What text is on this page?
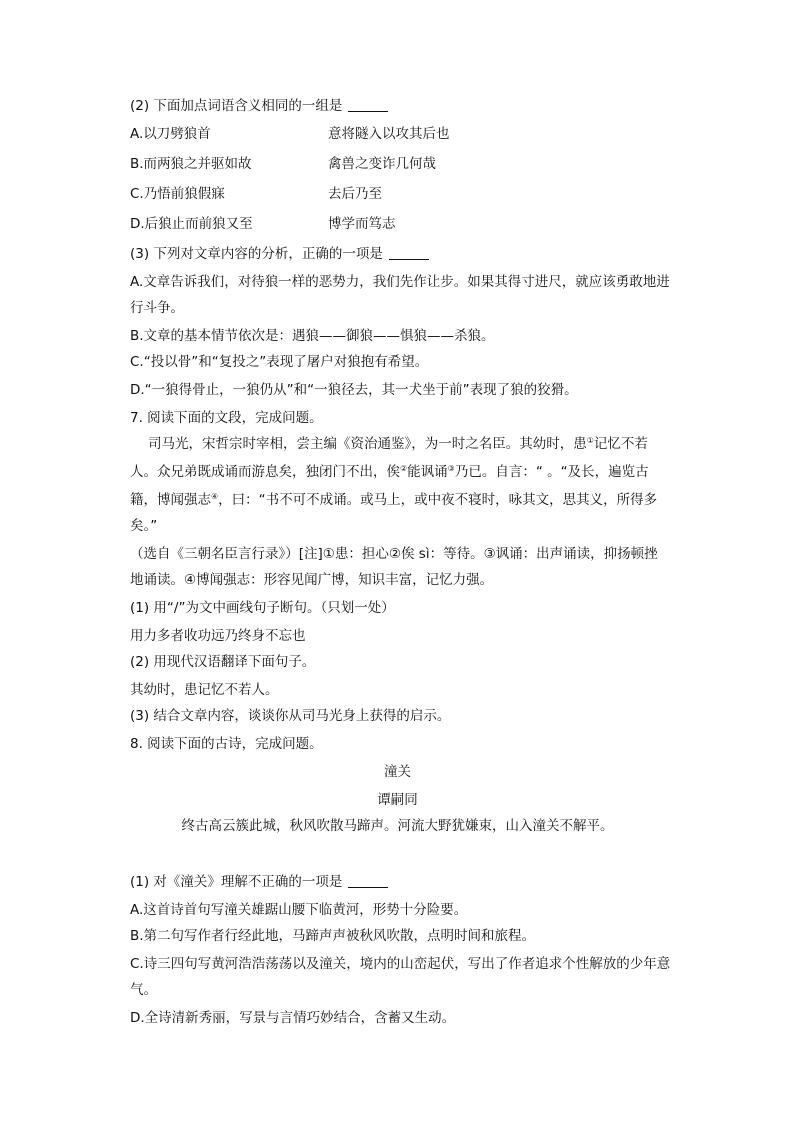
(2) 下面加点词语含义相同的一组是
A.以刀劈狼首	意将隧入以攻其后也
B.而两狼之并驱如故	禽兽之变诈几何哉
C.乃悟前狼假寐	去后乃至
D.后狼止而前狼又至	博学而笃志
(3) 下列对文章内容的分析，正确的一项是
A.文章告诉我们，对待狼一样的恶势力，我们先作让步。如果其得寸进尺，就应该勇敢地进
行斗争。
B.文章的基本情节依次是：遇狼——御狼——惧狼——杀狼。
C.“投以骨”和“复投之”表现了屠户对狼抱有希望。
D.“一狼得骨止，一狼仍从”和“一狼径去，其一犬坐于前”表现了狼的狡猾。
7. 阅读下面的文段，完成问题。
司马光，宋哲宗时宰相，尝主编《资治通鉴》，为一时之名臣。其幼时，患①记忆不若
人。众兄弟既成诵而游息矣，独闭门不出，俟②能讽诵③乃已。自言：“ 。“及长，遍览古
籍，博闻强志④，曰：“书不可不成诵。或马上，或中夜不寝时，咏其文，思其义，所得多
矣。”
（选自《三朝名臣言行录》）[注]①患：担心②俟 sì：等待。③讽诵：出声诵读，抑扬顿挫
地诵读。④博闻强志：形容见闻广博，知识丰富，记忆力强。
(1) 用“/”为文中画线句子断句。（只划一处）
用力多者收功远乃终身不忘也
(2) 用现代汉语翻译下面句子。
其幼时，患记忆不若人。
(3) 结合文章内容，谈谈你从司马光身上获得的启示。
8. 阅读下面的古诗，完成问题。
潼关
谭嗣同
终古高云簇此城，秋风吹散马蹄声。河流大野犹嫌束，山入潼关不解平。
(1) 对《潼关》理解不正确的一项是
A.这首诗首句写潼关雄踞山腰下临黄河，形势十分险要。
B.第二句写作者行经此地，马蹄声声被秋风吹散，点明时间和旅程。
C.诗三四句写黄河浩浩荡荡以及潼关，境内的山峦起伏，写出了作者追求个性解放的少年意
气。
D.全诗清新秀丽，写景与言情巧妙结合，含蓄又生动。
